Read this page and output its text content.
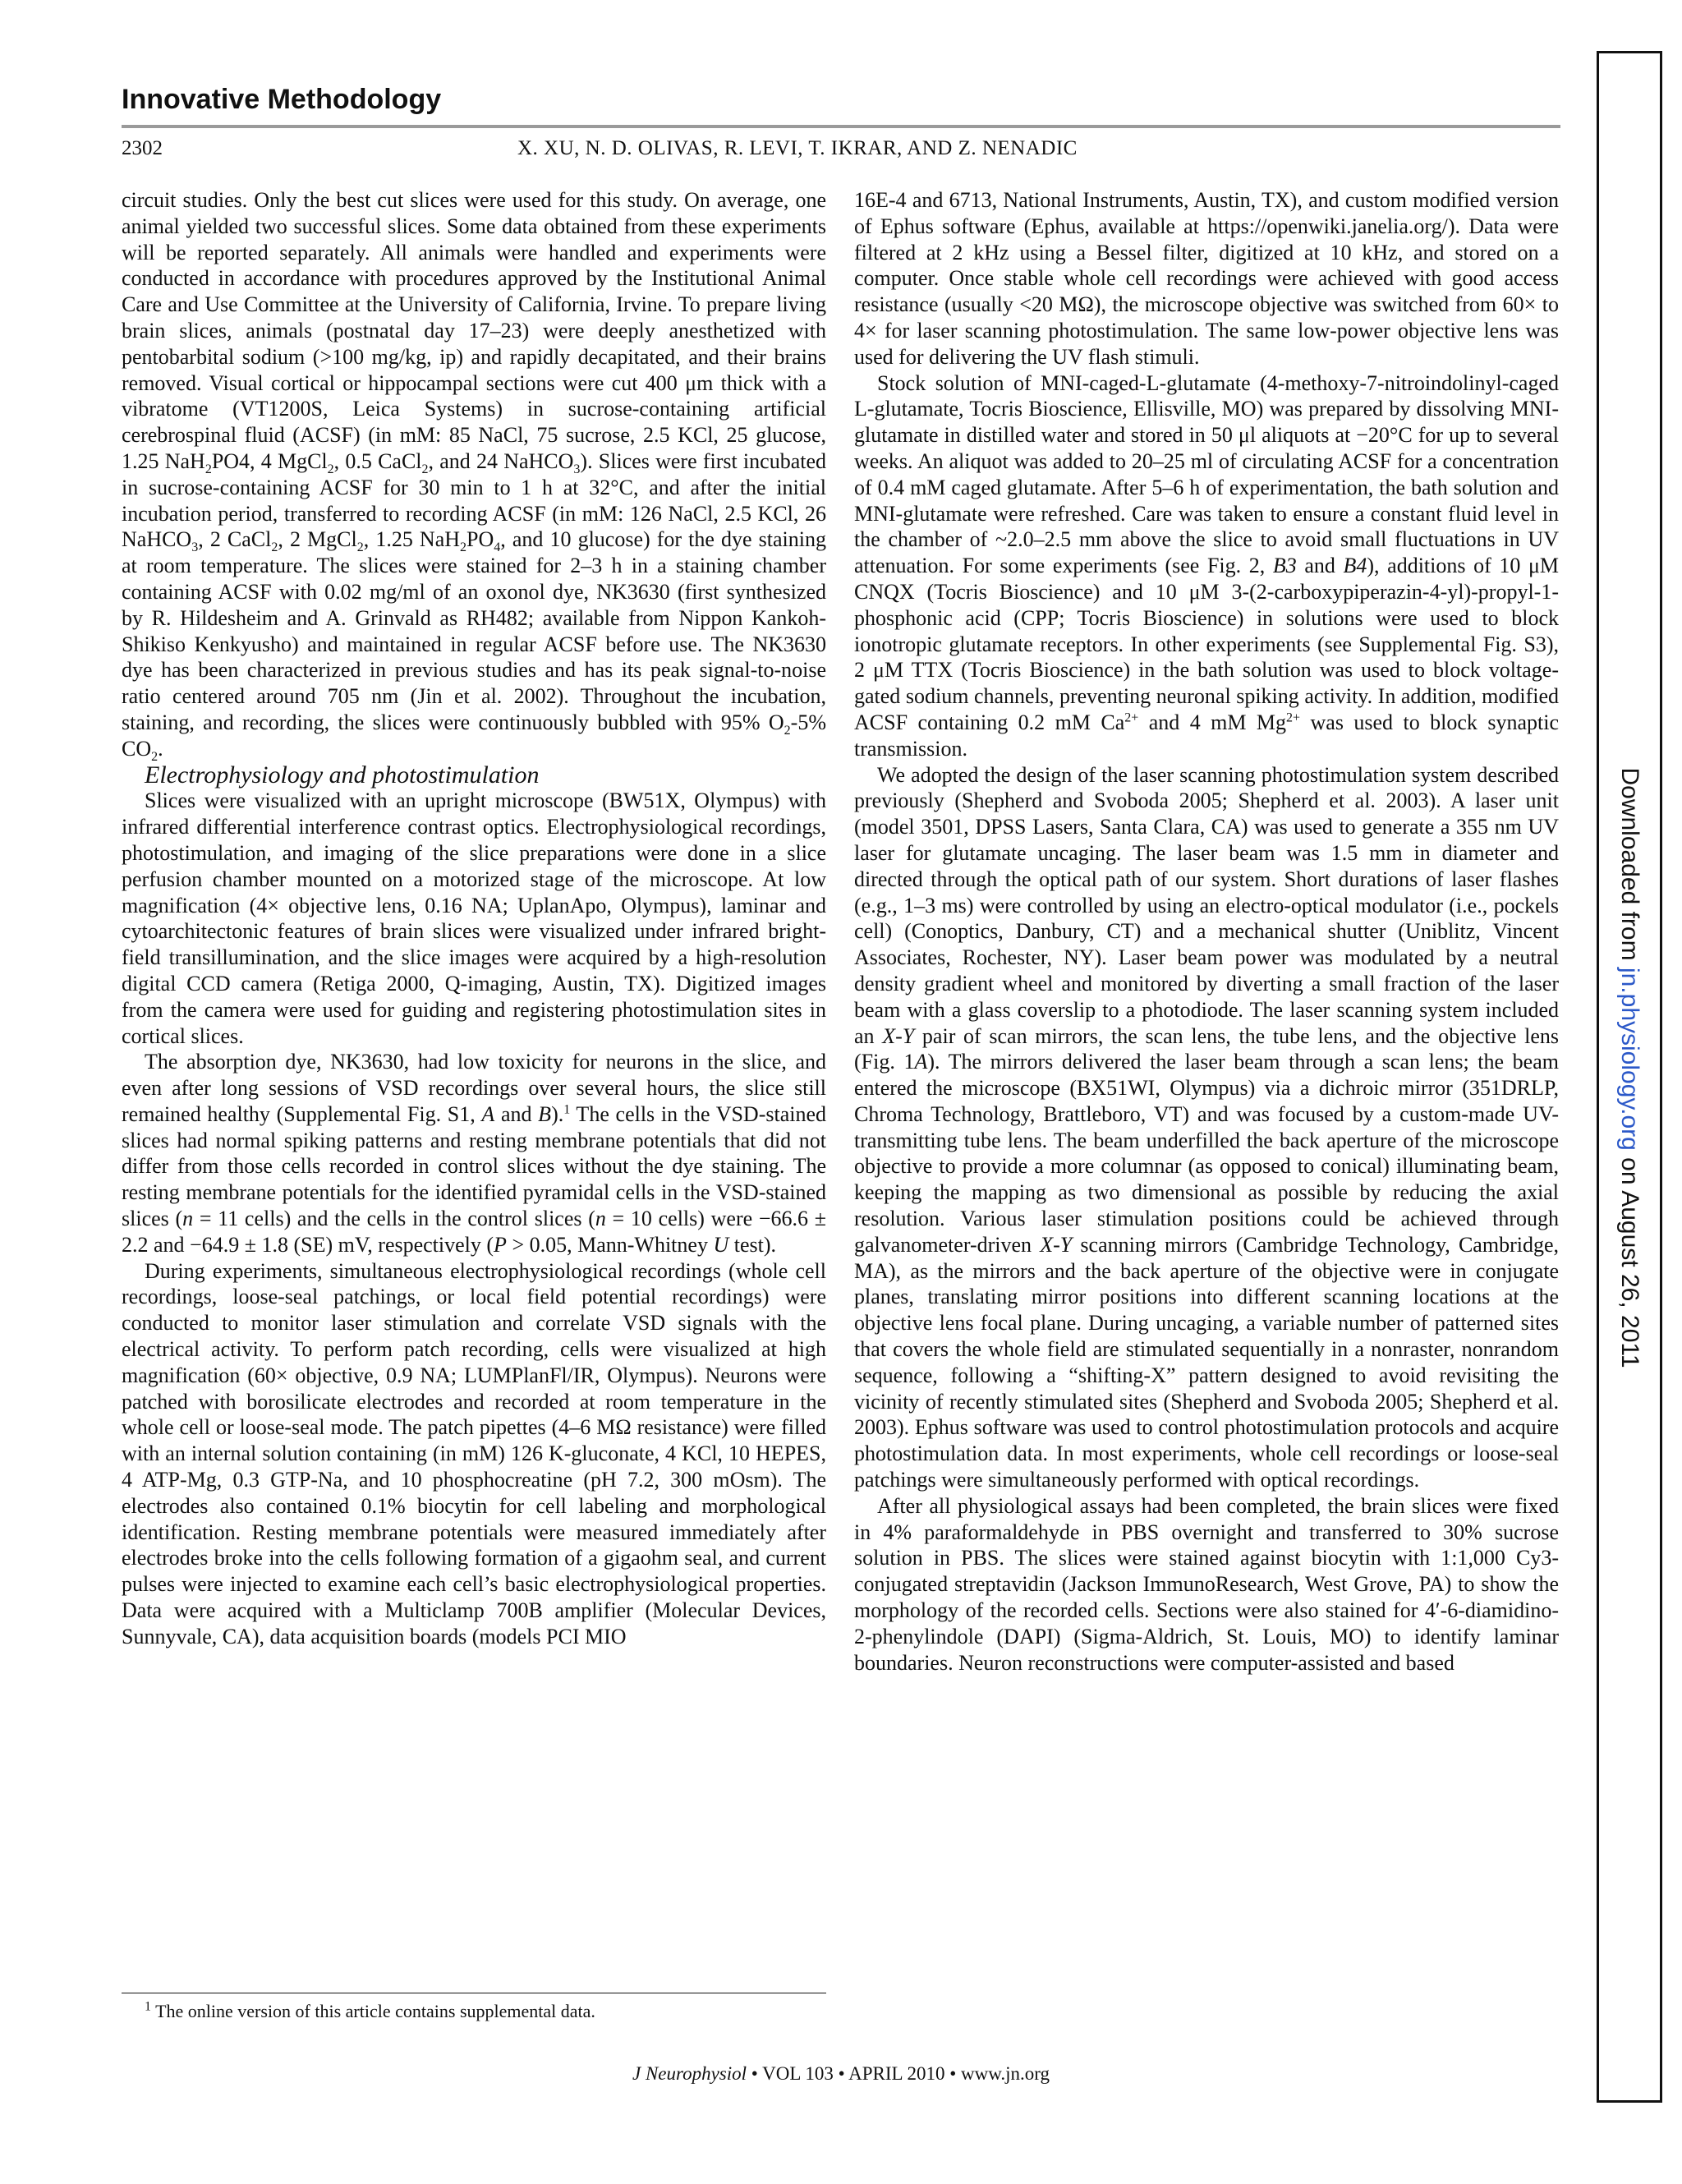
Innovative Methodology
2302	X. XU, N. D. OLIVAS, R. LEVI, T. IKRAR, AND Z. NENADIC

circuit studies. Only the best cut slices were used for this study. On average, one animal yielded two successful slices. Some data obtained from these experiments will be reported separately. All animals were handled and experiments were conducted in accordance with procedures approved by the Institutional Animal Care and Use Committee at the University of California, Irvine. To prepare living brain slices, animals (postnatal day 17–23) were deeply anesthetized with pentobarbital sodium (>100 mg/kg, ip) and rapidly decapitated, and their brains removed. Visual cortical or hippocampal sections were cut 400 μm thick with a vibratome (VT1200S, Leica Systems) in sucrose-containing artificial cerebrospinal fluid (ACSF) (in mM: 85 NaCl, 75 sucrose, 2.5 KCl, 25 glucose, 1.25 NaH$_2$PO4, 4 MgCl$_2$, 0.5 CaCl$_2$, and 24 NaHCO$_3$). Slices were first incubated in sucrose-containing ACSF for 30 min to 1 h at 32°C, and after the initial incubation period, transferred to recording ACSF (in mM: 126 NaCl, 2.5 KCl, 26 NaHCO$_3$, 2 CaCl$_2$, 2 MgCl$_2$, 1.25 $NaH_2PO_4$, and 10 glucose) for the dye staining at room temperature. The slices were stained for 2–3 h in a staining chamber containing ACSF with 0.02 mg/ml of an oxonol dye, NK3630 (first synthesized by R. Hildesheim and A. Grinvald as RH482; available from Nippon Kankoh-Shikiso Kenkyusho) and maintained in regular ACSF before use. The NK3630 dye has been characterized in previous studies and has its peak signal-to-noise ratio centered around 705 nm (Jin et al. 2002). Throughout the incubation, staining, and recording, the slices were continuously bubbled with 95% $O_2-5\%$ $CO_2$.

Electrophysiology and photostimulation

Slices were visualized with an upright microscope (BW51X, Olympus) with infrared differential interference contrast optics. Electrophysiological recordings, photostimulation, and imaging of the slice preparations were done in a slice perfusion chamber mounted on a motorized stage of the microscope. At low magnification (4× objective lens, 0.16 NA; UplanApo, Olympus), laminar and cytoarchitectonic features of brain slices were visualized under infrared bright-field transillumination, and the slice images were acquired by a high-resolution digital CCD camera (Retiga 2000, Q-imaging, Austin, TX). Digitized images from the camera were used for guiding and registering photostimulation sites in cortical slices.

The absorption dye, NK3630, had low toxicity for neurons in the slice, and even after long sessions of VSD recordings over several hours, the slice still remained healthy (Supplemental Fig. S1, A and B).$^1$ The cells in the VSD-stained slices had normal spiking patterns and resting membrane potentials that did not differ from those cells recorded in control slices without the dye staining. The resting membrane potentials for the identified pyramidal cells in the VSD-stained slices (n = 11 cells) and the cells in the control slices (n = 10 cells) were −66.6 ± 2.2 and −64.9 ± 1.8 (SE) mV, respectively (P > 0.05, Mann-Whitney U test).

During experiments, simultaneous electrophysiological recordings (whole cell recordings, loose-seal patchings, or local field potential recordings) were conducted to monitor laser stimulation and correlate VSD signals with the electrical activity. To perform patch recording, cells were visualized at high magnification (60× objective, 0.9 NA; LUMPlanFl/IR, Olympus). Neurons were patched with borosilicate electrodes and recorded at room temperature in the whole cell or loose-seal mode. The patch pipettes (4–6 MΩ resistance) were filled with an internal solution containing (in mM) 126 K-gluconate, 4 KCl, 10 HEPES, 4 ATP-Mg, 0.3 GTP-Na, and 10 phosphocreatine (pH 7.2, 300 mOsm). The electrodes also contained 0.1% biocytin for cell labeling and morphological identification. Resting membrane potentials were measured immediately after electrodes broke into the cells following formation of a gigaohm seal, and current pulses were injected to examine each cell’s basic electrophysiological properties. Data were acquired with a Multiclamp 700B amplifier (Molecular Devices, Sunnyvale, CA), data acquisition boards (models PCI MIO

16E-4 and 6713, National Instruments, Austin, TX), and custom modified version of Ephus software (Ephus, available at https://openwiki.janelia.org/). Data were filtered at 2 kHz using a Bessel filter, digitized at 10 kHz, and stored on a computer. Once stable whole cell recordings were achieved with good access resistance (usually <20 MΩ), the microscope objective was switched from 60× to 4× for laser scanning photostimulation. The same low-power objective lens was used for delivering the UV flash stimuli.

Stock solution of MNI-caged-L-glutamate (4-methoxy-7-nitroindolinyl-caged L-glutamate, Tocris Bioscience, Ellisville, MO) was prepared by dissolving MNI-glutamate in distilled water and stored in 50 μl aliquots at −20°C for up to several weeks. An aliquot was added to 20–25 ml of circulating ACSF for a concentration of 0.4 mM caged glutamate. After 5–6 h of experimentation, the bath solution and MNI-glutamate were refreshed. Care was taken to ensure a constant fluid level in the chamber of ~2.0–2.5 mm above the slice to avoid small fluctuations in UV attenuation. For some experiments (see Fig. 2, B3 and B4), additions of 10 μM CNQX (Tocris Bioscience) and 10 μM 3-(2-carboxypiperazin-4-yl)-propyl-1-phosphonic acid (CPP; Tocris Bioscience) in solutions were used to block ionotropic glutamate receptors. In other experiments (see Supplemental Fig. S3), 2 μM TTX (Tocris Bioscience) in the bath solution was used to block voltage-gated sodium channels, preventing neuronal spiking activity. In addition, modified ACSF containing 0.2 mM $Ca^{2+}$ and 4 mM $Mg^{2+}$ was used to block synaptic transmission.

We adopted the design of the laser scanning photostimulation system described previously (Shepherd and Svoboda 2005; Shepherd et al. 2003). A laser unit (model 3501, DPSS Lasers, Santa Clara, CA) was used to generate a 355 nm UV laser for glutamate uncaging. The laser beam was 1.5 mm in diameter and directed through the optical path of our system. Short durations of laser flashes (e.g., 1–3 ms) were controlled by using an electro-optical modulator (i.e., pockels cell) (Conoptics, Danbury, CT) and a mechanical shutter (Uniblitz, Vincent Associates, Rochester, NY). Laser beam power was modulated by a neutral density gradient wheel and monitored by diverting a small fraction of the laser beam with a glass coverslip to a photodiode. The laser scanning system included an X-Y pair of scan mirrors, the scan lens, the tube lens, and the objective lens (Fig. 1A). The mirrors delivered the laser beam through a scan lens; the beam entered the microscope (BX51WI, Olympus) via a dichroic mirror (351DRLP, Chroma Technology, Brattleboro, VT) and was focused by a custom-made UV-transmitting tube lens. The beam underfilled the back aperture of the microscope objective to provide a more columnar (as opposed to conical) illuminating beam, keeping the mapping as two dimensional as possible by reducing the axial resolution. Various laser stimulation positions could be achieved through galvanometer-driven X-Y scanning mirrors (Cambridge Technology, Cambridge, MA), as the mirrors and the back aperture of the objective were in conjugate planes, translating mirror positions into different scanning locations at the objective lens focal plane. During uncaging, a variable number of patterned sites that covers the whole field are stimulated sequentially in a nonraster, nonrandom sequence, following a “shifting-X” pattern designed to avoid revisiting the vicinity of recently stimulated sites (Shepherd and Svoboda 2005; Shepherd et al. 2003). Ephus software was used to control photostimulation protocols and acquire photostimulation data. In most experiments, whole cell recordings or loose-seal patchings were simultaneously performed with optical recordings.

After all physiological assays had been completed, the brain slices were fixed in 4% paraformaldehyde in PBS overnight and transferred to 30% sucrose solution in PBS. The slices were stained against biocytin with 1:1,000 Cy3-conjugated streptavidin (Jackson ImmunoResearch, West Grove, PA) to show the morphology of the recorded cells. Sections were also stained for 4′-6-diamidino-2-phenylindole (DAPI) (Sigma-Aldrich, St. Louis, MO) to identify laminar boundaries. Neuron reconstructions were computer-assisted and based

$^1$ The online version of this article contains supplemental data.
J Neurophysiol • VOL 103 • APRIL 2010 • www.jn.org
Downloaded from jn.physiology.org on August 26, 2011
